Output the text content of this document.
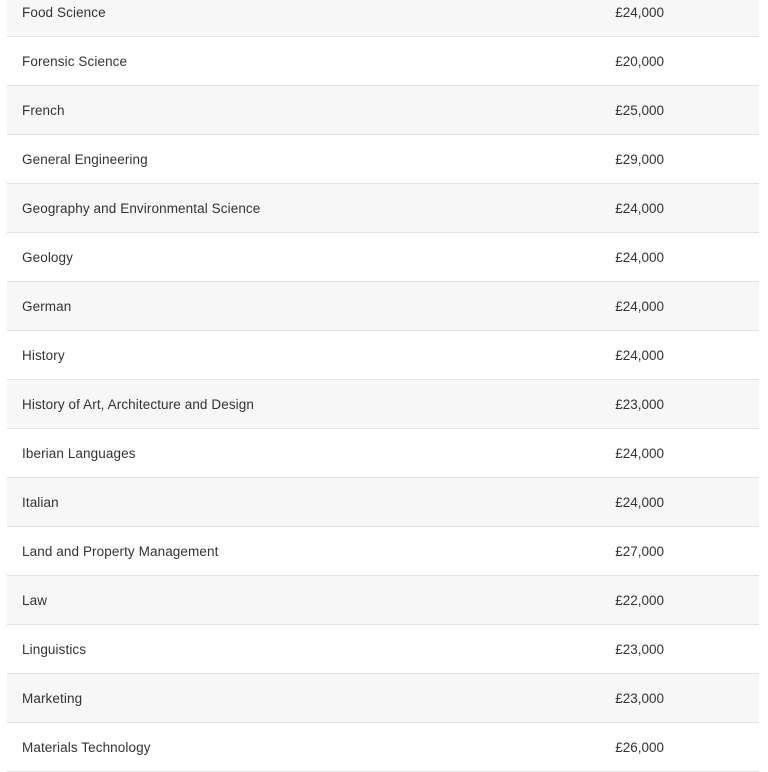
Food Science	£24,000
Forensic Science	£20,000
French	£25,000
General Engineering	£29,000
Geography and Environmental Science	£24,000
Geology	£24,000
German	£24,000
History	£24,000
History of Art, Architecture and Design	£23,000
Iberian Languages	£24,000
Italian	£24,000
Land and Property Management	£27,000
Law	£22,000
Linguistics	£23,000
Marketing	£23,000
Materials Technology	£26,000
